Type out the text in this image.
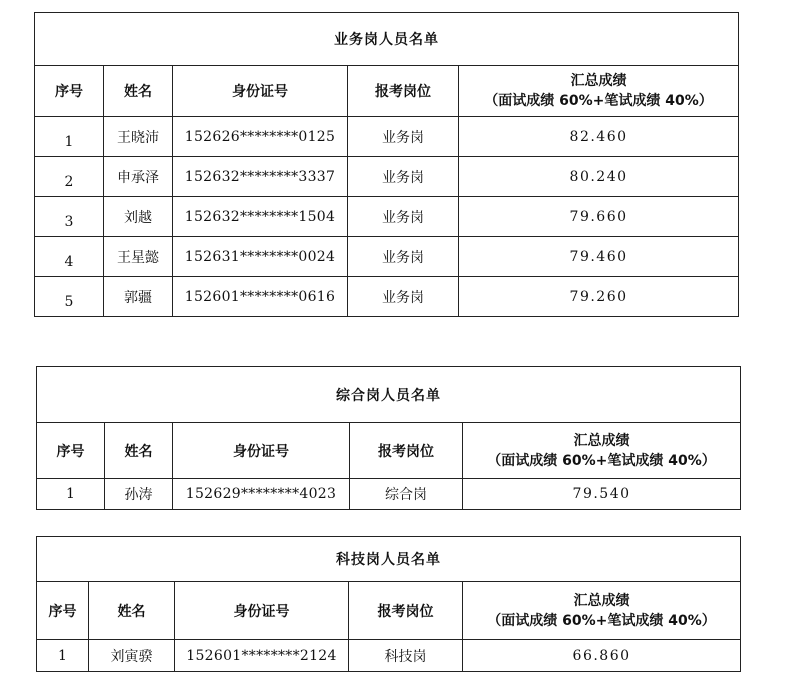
业务岗人员名单				
序号	姓名	身份证号	报考岗位	汇总成绩
（面试成绩 60%+笔试成绩 40%）

1	王晓沛	152626********0125	业务岗	82.460
2	申承泽	152632********3337	业务岗	80.240
3	刘越	152632********1504	业务岗	79.660
4	王星懿	152631********0024	业务岗	79.460
5	郭疆	152601********0616	业务岗	79.260
综合岗人员名单				
序号	姓名	身份证号	报考岗位	汇总成绩
（面试成绩 60%+笔试成绩 40%）

1	孙涛	152629********4023	综合岗	79.540
科技岗人员名单				
序号	姓名	身份证号	报考岗位	汇总成绩
（面试成绩 60%+笔试成绩 40%）

1	刘寅骙	152601********2124	科技岗	66.860
